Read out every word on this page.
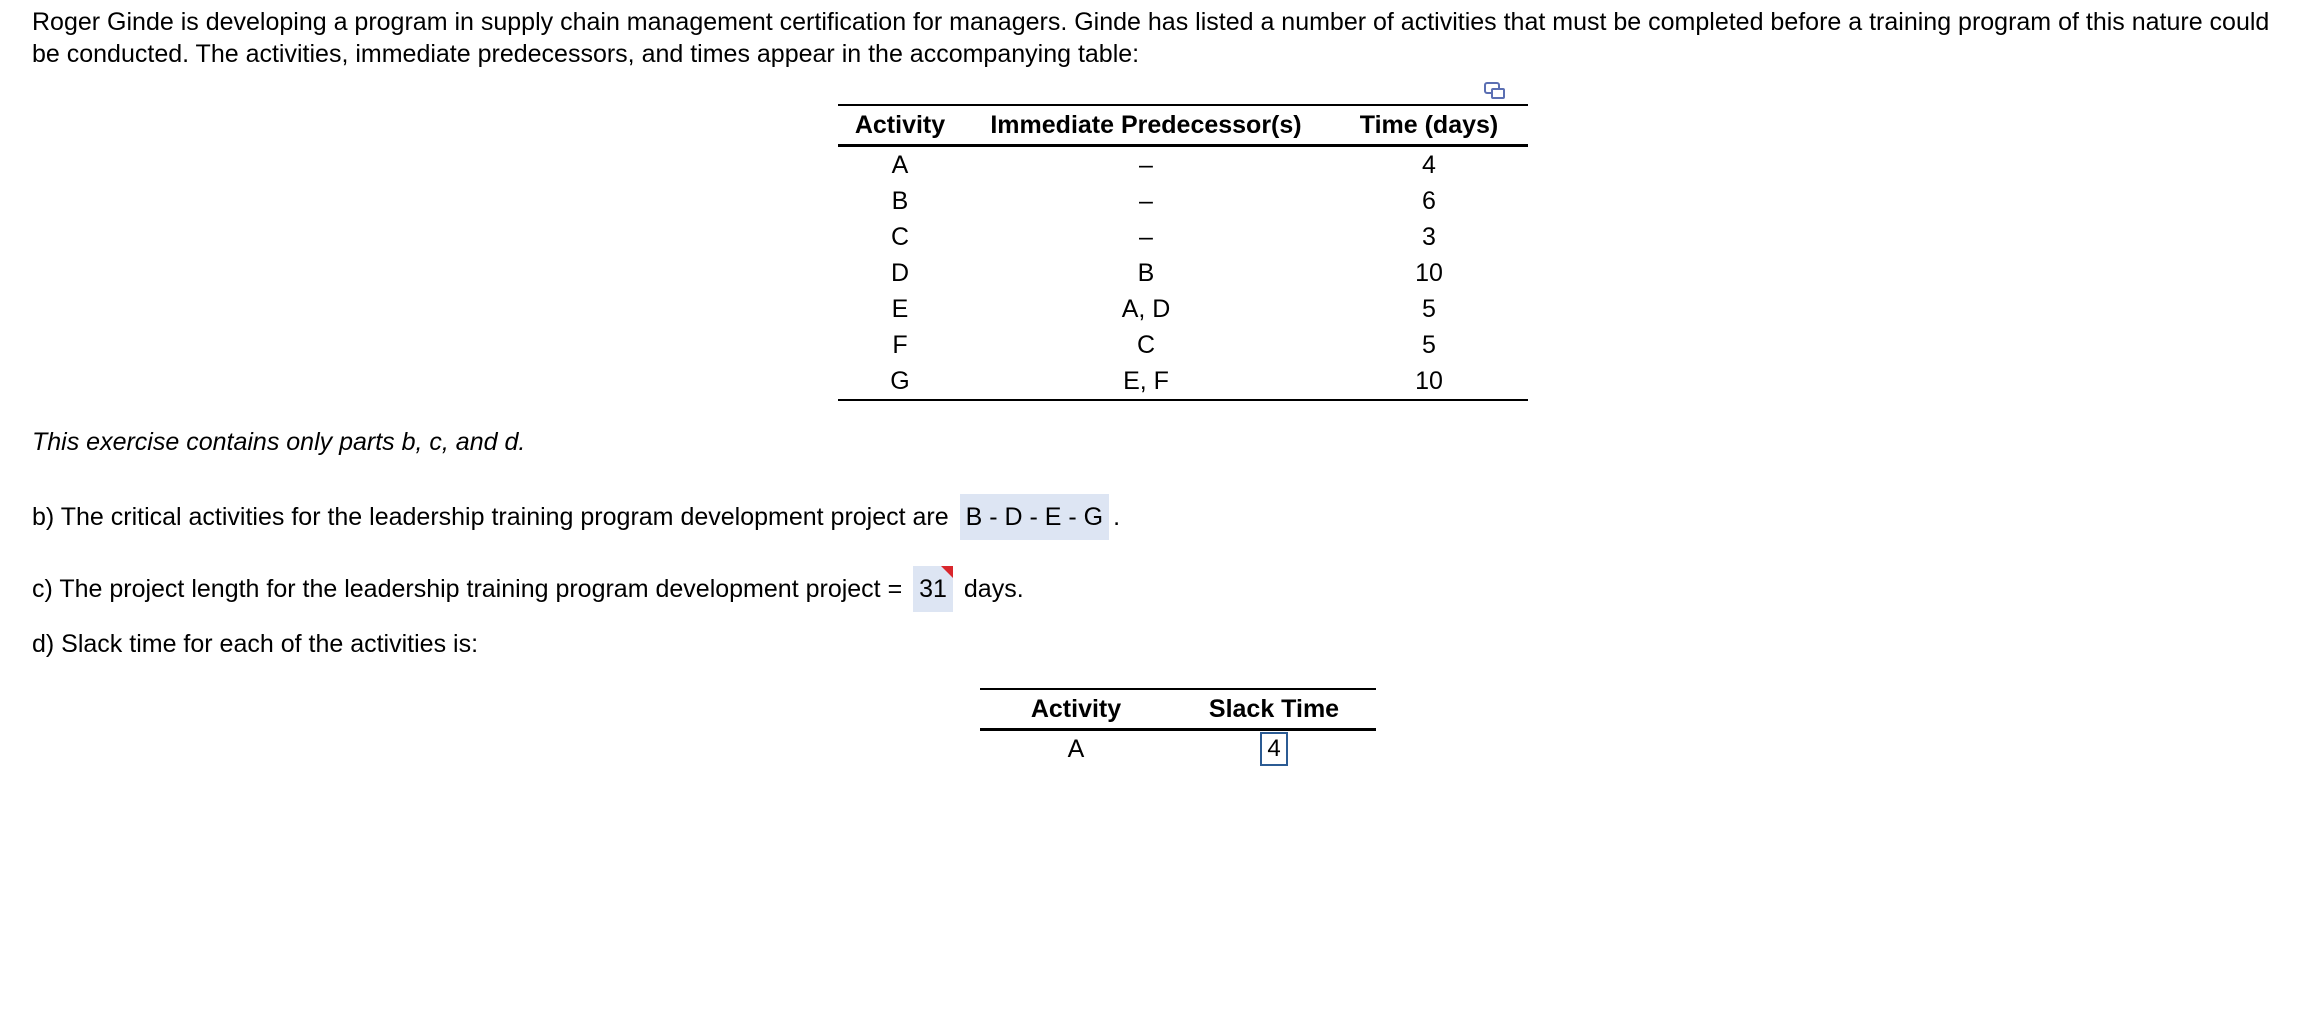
Roger Ginde is developing a program in supply chain management certification for managers. Ginde has listed a number of activities that must be completed before a training program of this nature could be conducted. The activities, immediate predecessors, and times appear in the accompanying table:

Activity	Immediate Predecessor(s)	Time (days)
A	–	4
B	–	6
C	–	3
D	B	10
E	A, D	5
F	C	5
G	E, F	10

This exercise contains only parts b, c, and d.

b) The critical activities for the leadership training program development project are B - D - E - G .

c) The project length for the leadership training program development project = 31 days.

d) Slack time for each of the activities is:

Activity	Slack Time
A	4
